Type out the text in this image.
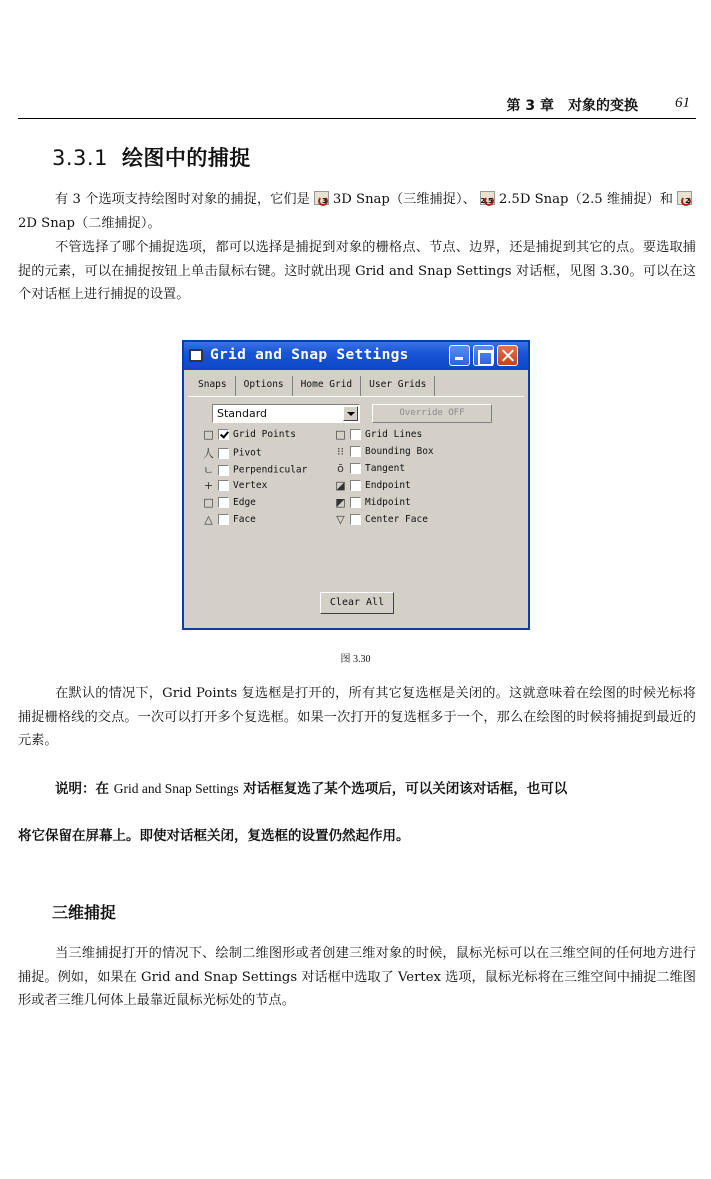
第 3 章　对象的变换 61
3.3.1 绘图中的捕捉
有 3 个选项支持绘图时对象的捕捉，它们是 3 3D Snap（三维捕捉）、 2.5 2.5D Snap（2.5 维捕捉）和 2
2D Snap（二维捕捉）。
不管选择了哪个捕捉选项，都可以选择是捕捉到对象的栅格点、节点、边界，还是捕捉到其它的点。要选取捕捉的元素，可以在捕捉按钮上单击鼠标右键。这时就出现 Grid and Snap Settings 对话框，见图 3.30。可以在这个对话框上进行捕捉的设置。
Grid and Snap Settings
Snaps	Options	Home Grid	User Grids
Standard	Override OFF
□ Grid Points	□ Grid Lines
人 Pivot	⁝⁝ Bounding Box
ㄴ Perpendicular	ō Tangent
+ Vertex	◪ Endpoint
□ Edge	◩ Midpoint
△ Face	▽ Center Face
Clear All
图 3.30
在默认的情况下，Grid Points 复选框是打开的，所有其它复选框是关闭的。这就意味着在绘图的时候光标将捕捉栅格线的交点。一次可以打开多个复选框。如果一次打开的复选框多于一个，那么在绘图的时候将捕捉到最近的元素。
说明：在 Grid and Snap Settings 对话框复选了某个选项后，可以关闭该对话框，也可以
将它保留在屏幕上。即使对话框关闭，复选框的设置仍然起作用。
三维捕捉
当三维捕捉打开的情况下、绘制二维图形或者创建三维对象的时候，鼠标光标可以在三维空间的任何地方进行捕捉。例如，如果在 Grid and Snap Settings 对话框中选取了 Vertex 选项，鼠标光标将在三维空间中捕捉二维图形或者三维几何体上最靠近鼠标光标处的节点。
